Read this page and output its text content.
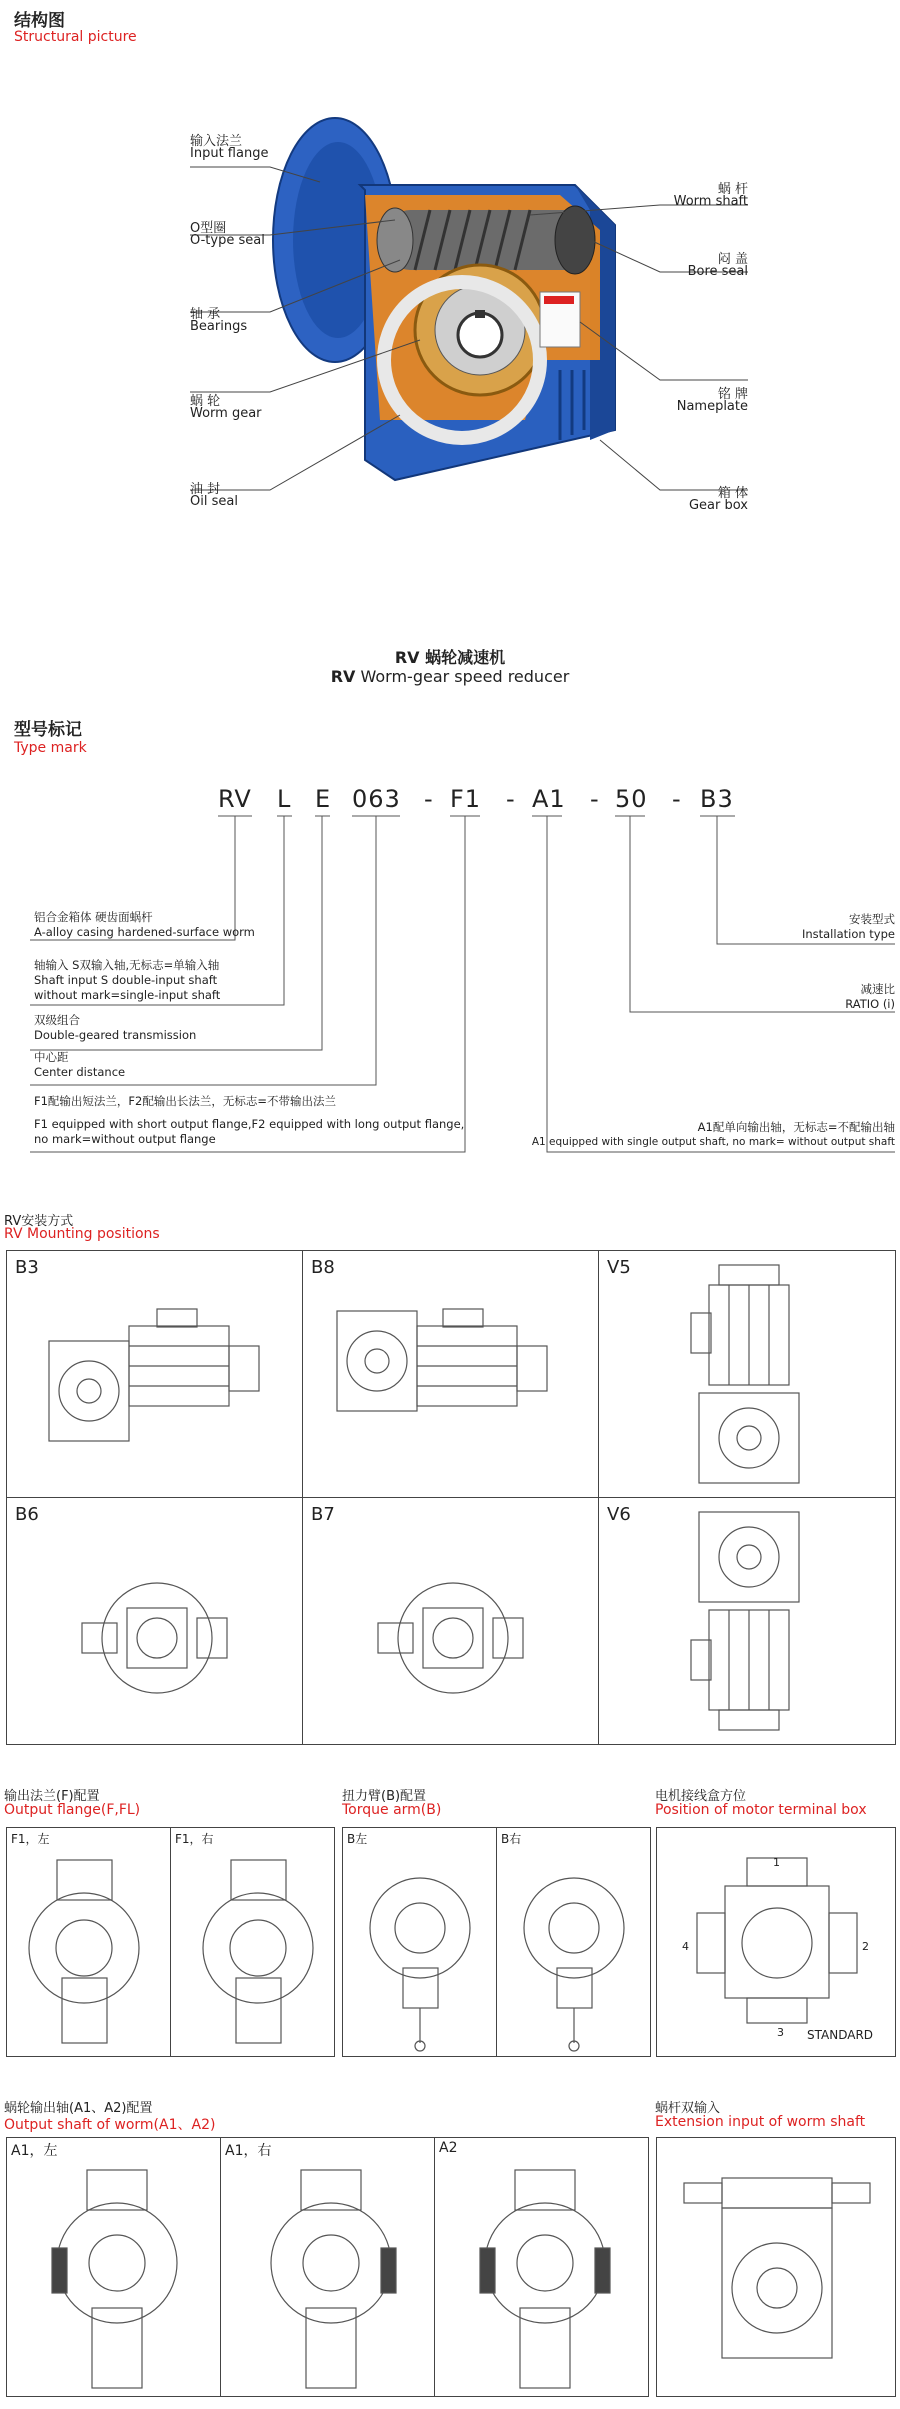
结构图
Structural picture
输入法兰
Input flange
O型圈
O-type seal
轴 承
Bearings
蜗 轮
Worm gear
油 封
Oil seal
蜗 杆
Worm shaft
闷 盖
Bore seal
铭 牌
Nameplate
箱 体
Gear box
RV 蜗轮减速机
RV Worm-gear speed reducer
型号标记
Type mark
RV L E 063 - F1 - A1 - 50 - B3
铝合金箱体 硬齿面蜗杆
A-alloy casing hardened-surface worm
轴输入 S双输入轴,无标志=单输入轴
Shaft input S double-input shaft
without mark=single-input shaft
双级组合
Double-geared transmission
中心距
Center distance
F1配输出短法兰，F2配输出长法兰，无标志=不带输出法兰
F1 equipped with short output flange,F2 equipped with long output flange,
no mark=without output flange
安装型式
Installation type
减速比
RATIO (i)
A1配单向输出轴，无标志=不配输出轴
A1 equipped with single output shaft, no mark= without output shaft
RV安装方式
RV Mounting positions
B3	B8	V5
B6	B7	V6
输出法兰(F)配置
Output flange(F,FL)
扭力臂(B)配置
Torque arm(B)
电机接线盒方位
Position of motor terminal box
F1，左	F1，右	B左	B右
1
2
3
4
STANDARD
蜗轮输出轴(A1、A2)配置
Output shaft of worm(A1、A2)
蜗杆双输入
Extension input of worm shaft
A1，左	A1，右	A2
